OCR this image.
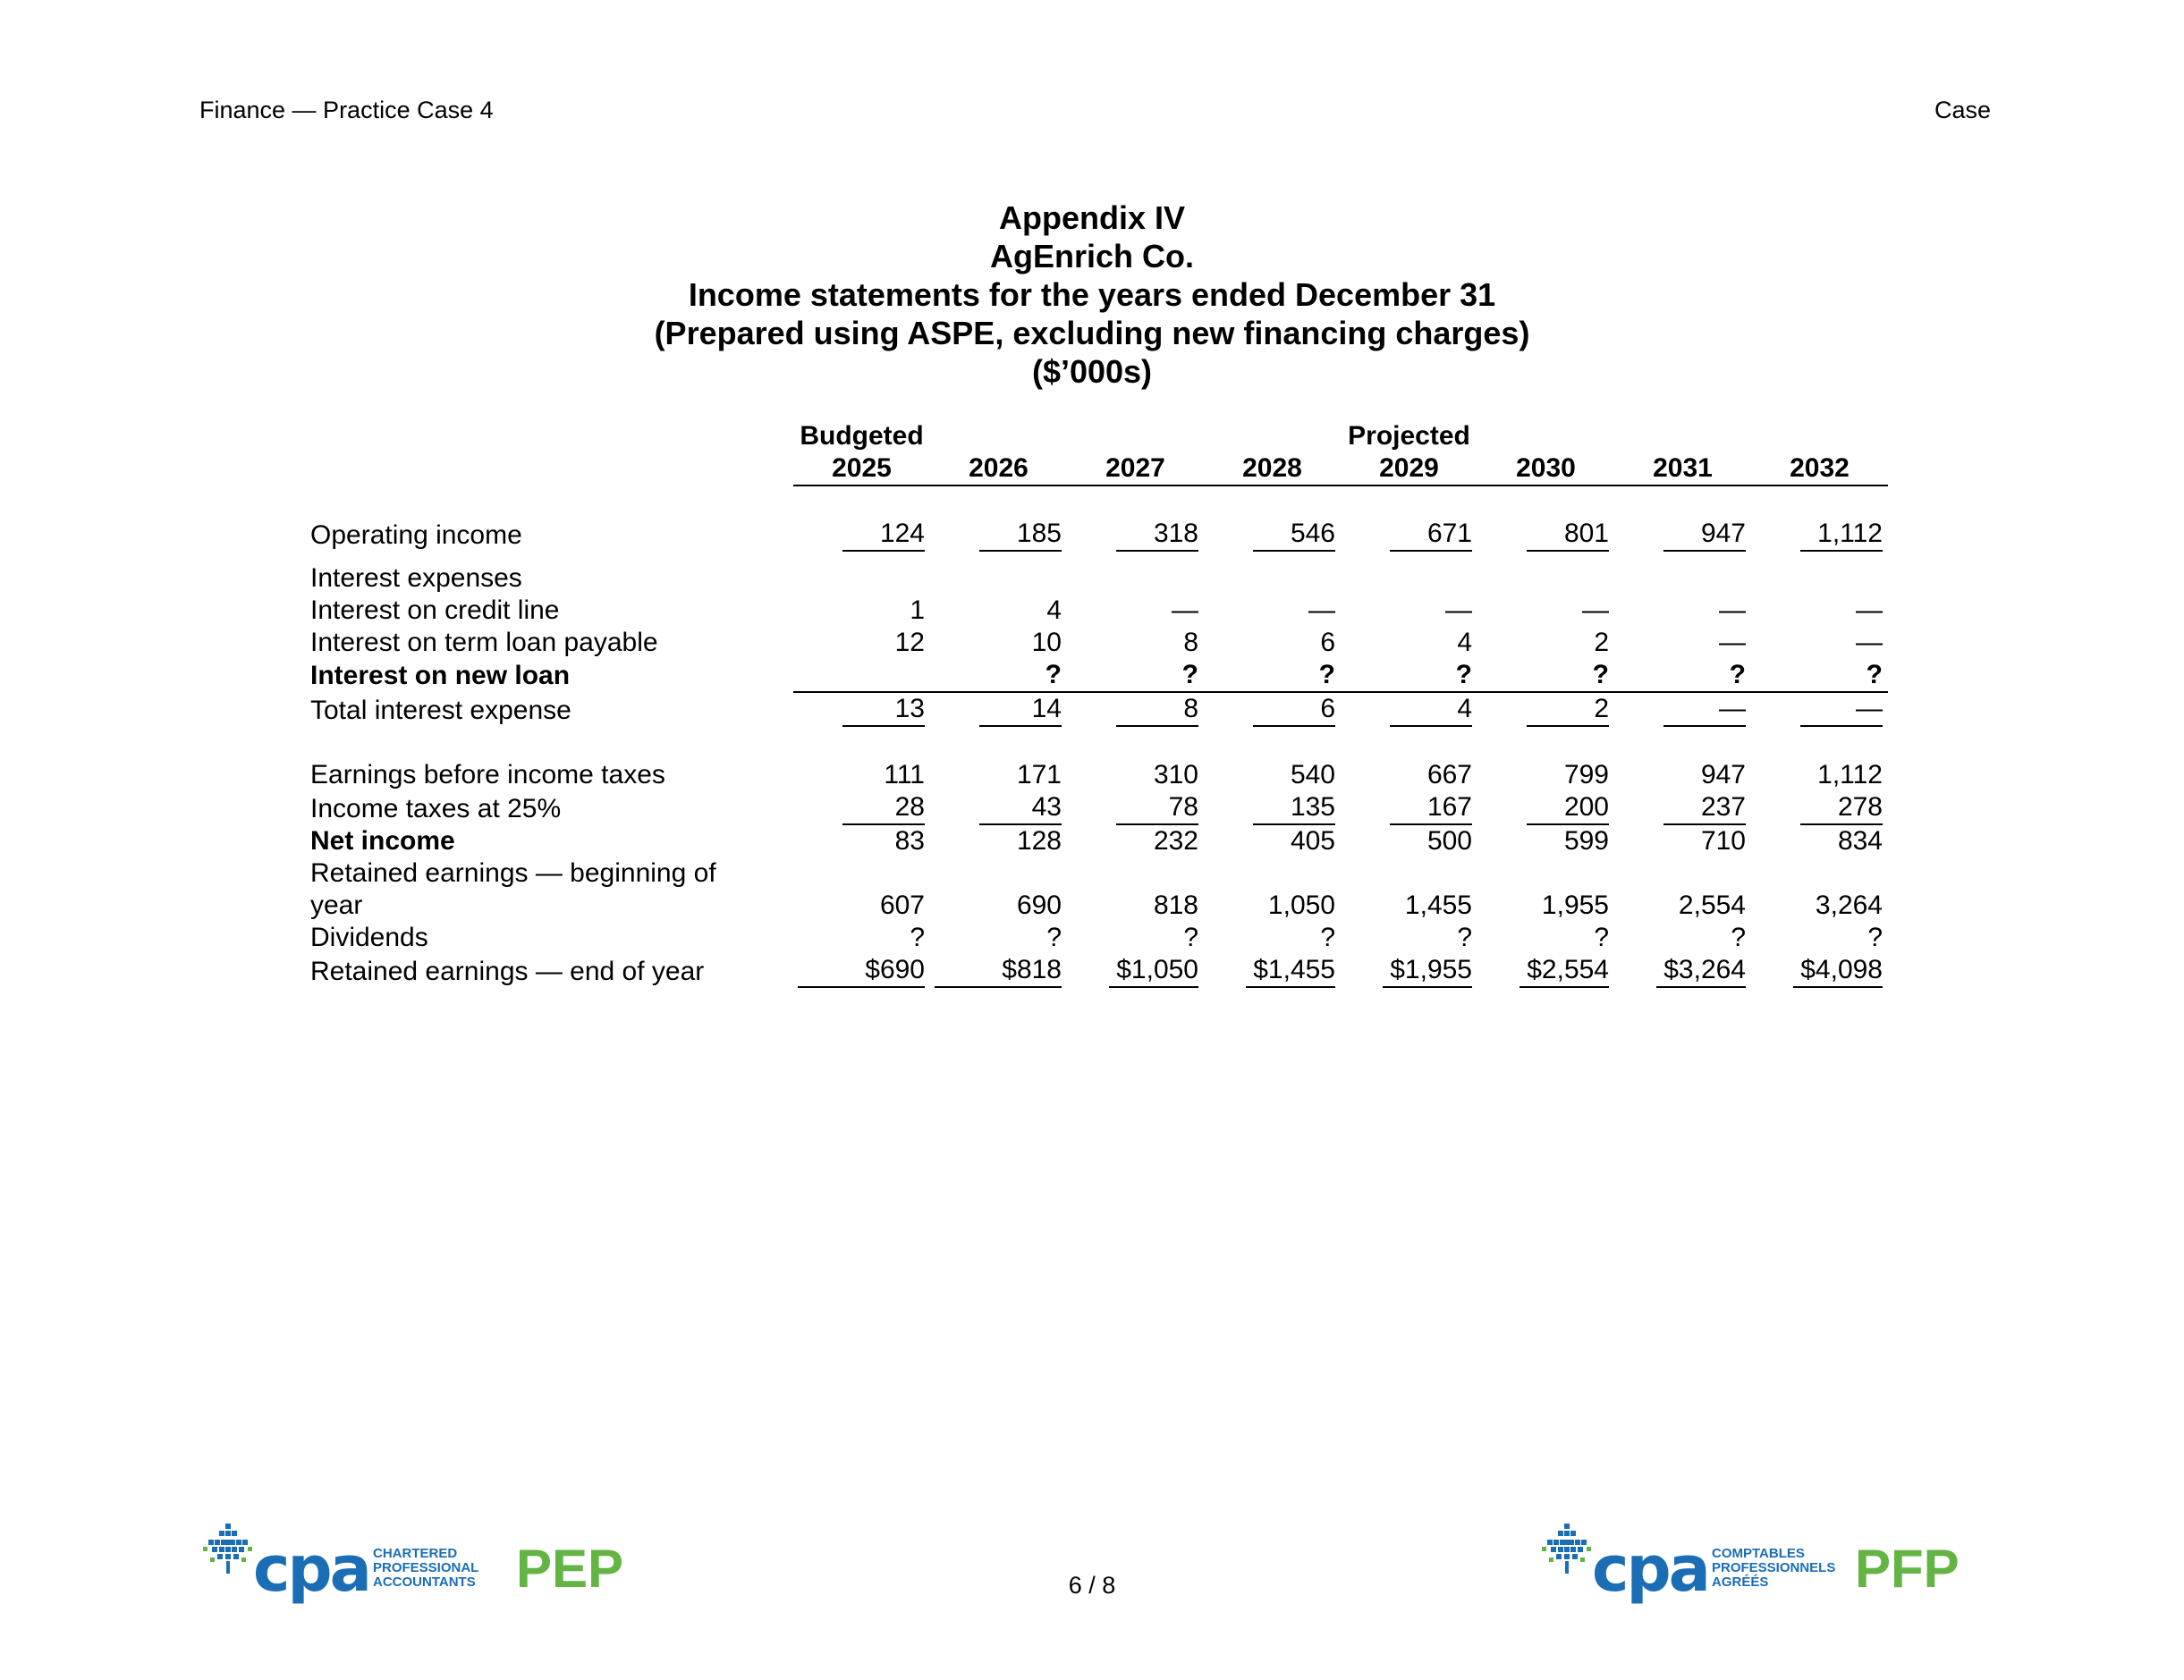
Finance — Practice Case 4	Case
Appendix IV
AgEnrich Co.
Income statements for the years ended December 31
(Prepared using ASPE, excluding new financing charges)
($’000s)
	Budgeted	Projected						
	2025	2026	2027	2028	2029	2030	2031	2032

Operating income	124	185	318	546	671	801	947	1,112

Interest expenses								
Interest on credit line	1	4	—	—	—	—	—	—
Interest on term loan payable	12	10	8	6	4	2	—	—
Interest on new loan		?	?	?	?	?	?	?
Total interest expense	13	14	8	6	4	2	—	—

Earnings before income taxes	111	171	310	540	667	799	947	1,112
Income taxes at 25%	28	43	78	135	167	200	237	278
Net income	83	128	232	405	500	599	710	834
Retained earnings — beginning of								
year	607	690	818	1,050	1,455	1,955	2,554	3,264
Dividends	?	?	?	?	?	?	?	?
Retained earnings — end of year	$ 690	$ 818	$1,050	$1,455	$1,955	$2,554	$3,264	$4,098
cpa CHARTERED
PROFESSIONAL
ACCOUNTANTS PEP	6 / 8	cpa COMPTABLES
PROFESSIONNELS
AGRÉÉS	PFP
